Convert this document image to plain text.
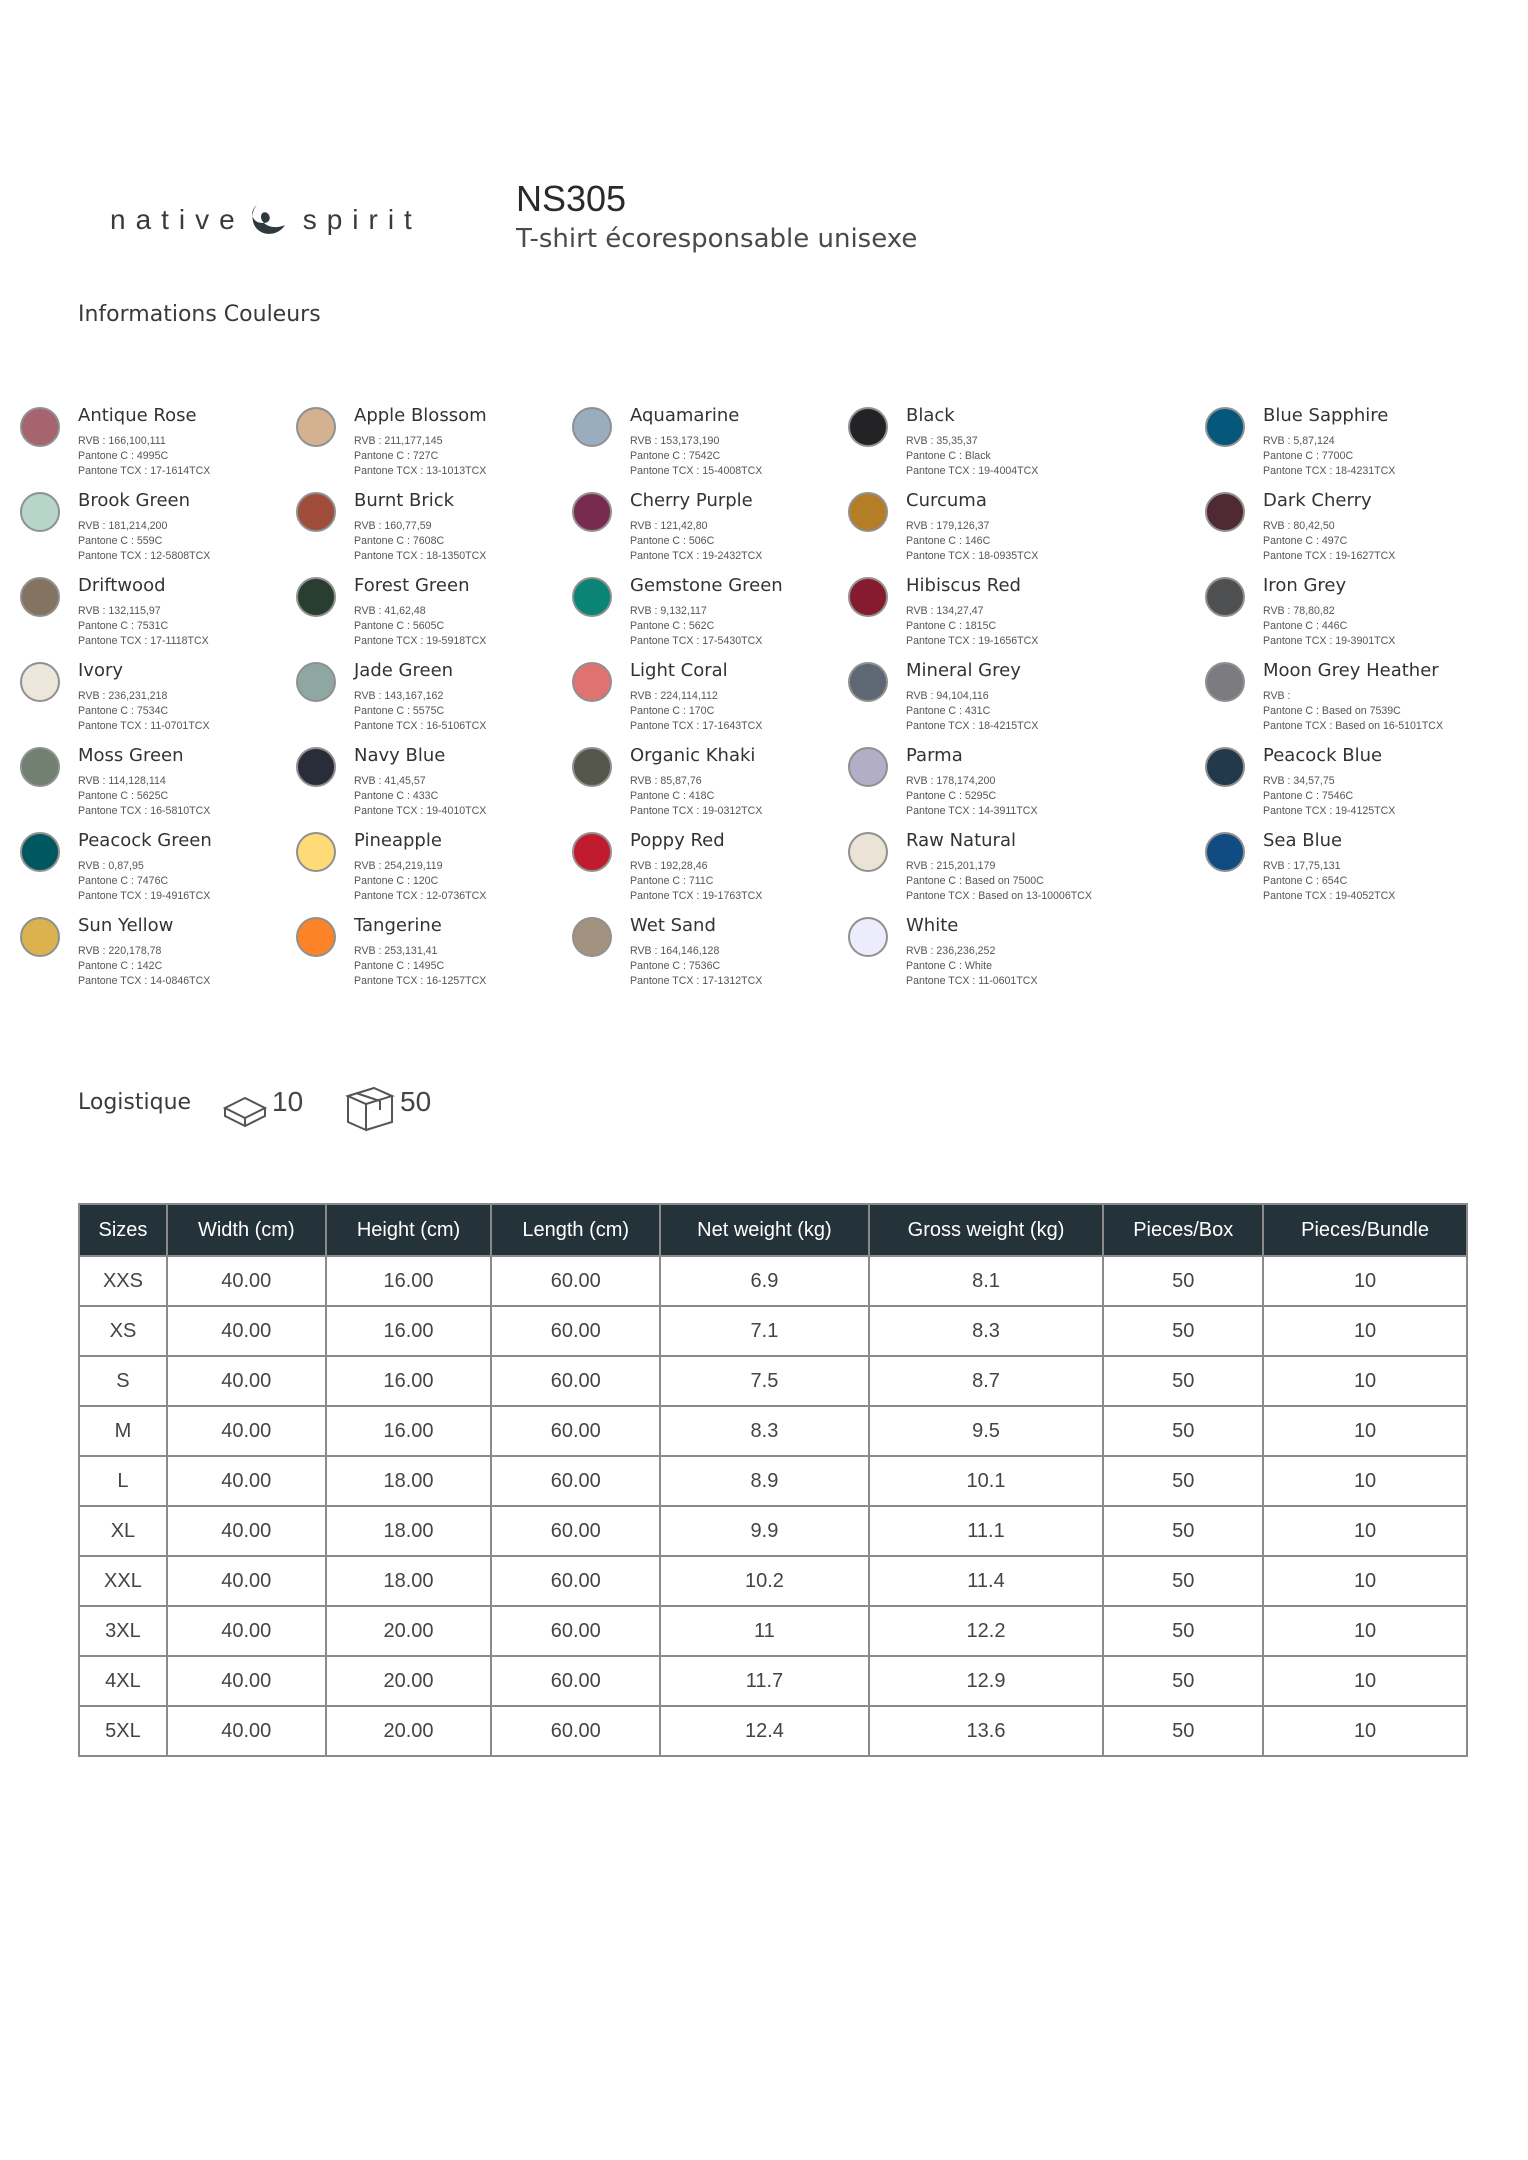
native spirit
NS305
T-shirt écoresponsable unisexe
Informations Couleurs
Antique Rose
RVB : 166,100,111
Pantone C : 4995C
Pantone TCX : 17-1614TCX
Apple Blossom
RVB : 211,177,145
Pantone C : 727C
Pantone TCX : 13-1013TCX
Aquamarine
RVB : 153,173,190
Pantone C : 7542C
Pantone TCX : 15-4008TCX
Black
RVB : 35,35,37
Pantone C : Black
Pantone TCX : 19-4004TCX
Blue Sapphire
RVB : 5,87,124
Pantone C : 7700C
Pantone TCX : 18-4231TCX
Brook Green
RVB : 181,214,200
Pantone C : 559C
Pantone TCX : 12-5808TCX
Burnt Brick
RVB : 160,77,59
Pantone C : 7608C
Pantone TCX : 18-1350TCX
Cherry Purple
RVB : 121,42,80
Pantone C : 506C
Pantone TCX : 19-2432TCX
Curcuma
RVB : 179,126,37
Pantone C : 146C
Pantone TCX : 18-0935TCX
Dark Cherry
RVB : 80,42,50
Pantone C : 497C
Pantone TCX : 19-1627TCX
Driftwood
RVB : 132,115,97
Pantone C : 7531C
Pantone TCX : 17-1118TCX
Forest Green
RVB : 41,62,48
Pantone C : 5605C
Pantone TCX : 19-5918TCX
Gemstone Green
RVB : 9,132,117
Pantone C : 562C
Pantone TCX : 17-5430TCX
Hibiscus Red
RVB : 134,27,47
Pantone C : 1815C
Pantone TCX : 19-1656TCX
Iron Grey
RVB : 78,80,82
Pantone C : 446C
Pantone TCX : 19-3901TCX
Ivory
RVB : 236,231,218
Pantone C : 7534C
Pantone TCX : 11-0701TCX
Jade Green
RVB : 143,167,162
Pantone C : 5575C
Pantone TCX : 16-5106TCX
Light Coral
RVB : 224,114,112
Pantone C : 170C
Pantone TCX : 17-1643TCX
Mineral Grey
RVB : 94,104,116
Pantone C : 431C
Pantone TCX : 18-4215TCX
Moon Grey Heather
RVB :
Pantone C : Based on 7539C
Pantone TCX : Based on 16-5101TCX
Moss Green
RVB : 114,128,114
Pantone C : 5625C
Pantone TCX : 16-5810TCX
Navy Blue
RVB : 41,45,57
Pantone C : 433C
Pantone TCX : 19-4010TCX
Organic Khaki
RVB : 85,87,76
Pantone C : 418C
Pantone TCX : 19-0312TCX
Parma
RVB : 178,174,200
Pantone C : 5295C
Pantone TCX : 14-3911TCX
Peacock Blue
RVB : 34,57,75
Pantone C : 7546C
Pantone TCX : 19-4125TCX
Peacock Green
RVB : 0,87,95
Pantone C : 7476C
Pantone TCX : 19-4916TCX
Pineapple
RVB : 254,219,119
Pantone C : 120C
Pantone TCX : 12-0736TCX
Poppy Red
RVB : 192,28,46
Pantone C : 711C
Pantone TCX : 19-1763TCX
Raw Natural
RVB : 215,201,179
Pantone C : Based on 7500C
Pantone TCX : Based on 13-10006TCX
Sea Blue
RVB : 17,75,131
Pantone C : 654C
Pantone TCX : 19-4052TCX
Sun Yellow
RVB : 220,178,78
Pantone C : 142C
Pantone TCX : 14-0846TCX
Tangerine
RVB : 253,131,41
Pantone C : 1495C
Pantone TCX : 16-1257TCX
Wet Sand
RVB : 164,146,128
Pantone C : 7536C
Pantone TCX : 17-1312TCX
White
RVB : 236,236,252
Pantone C : White
Pantone TCX : 11-0601TCX
Logistique	10	50
Sizes	Width (cm)	Height (cm)	Length (cm)	Net weight (kg)	Gross weight (kg)	Pieces/Box	Pieces/Bundle
XXS	40.00	16.00	60.00	6.9	8.1	50	10
XS	40.00	16.00	60.00	7.1	8.3	50	10
S	40.00	16.00	60.00	7.5	8.7	50	10
M	40.00	16.00	60.00	8.3	9.5	50	10
L	40.00	18.00	60.00	8.9	10.1	50	10
XL	40.00	18.00	60.00	9.9	11.1	50	10
XXL	40.00	18.00	60.00	10.2	11.4	50	10
3XL	40.00	20.00	60.00	11	12.2	50	10
4XL	40.00	20.00	60.00	11.7	12.9	50	10
5XL	40.00	20.00	60.00	12.4	13.6	50	10
